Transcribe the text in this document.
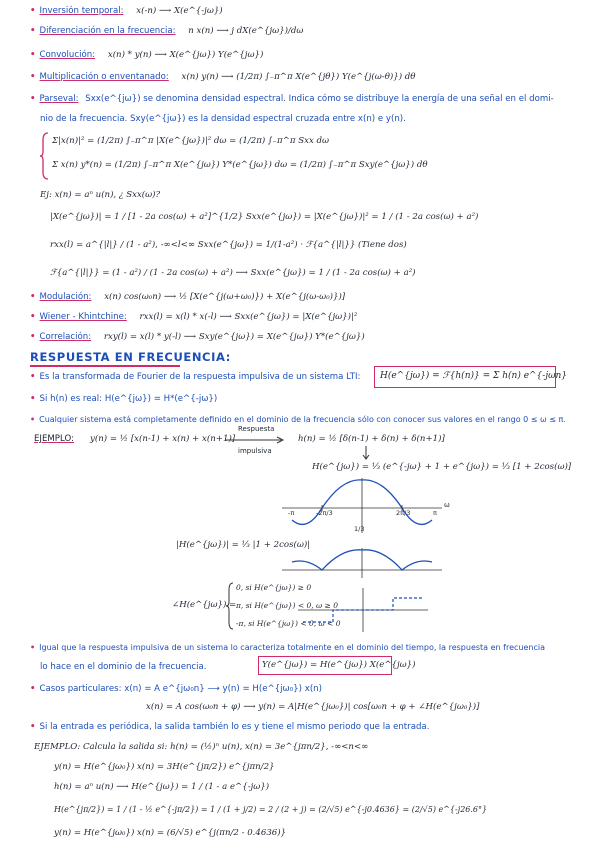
• Inversión temporal: x(-n) ⟶ X(e^{-jω})
• Diferenciación en la frecuencia: n x(n) ⟶ j dX(e^{jω})/dω
• Convolución: x(n) * y(n) ⟶ X(e^{jω}) Y(e^{jω})
• Multiplicación o enventanado: x(n) y(n) ⟶ (1/2π) ∫₋π^π X(e^{jθ}) Y(e^{j(ω-θ)}) dθ
• Parseval: Sxx(e^{jω}) se denomina densidad espectral. Indica cómo se distribuye la energía de una señal en el domi-
nio de la frecuencia. Sxy(e^{jω}) es la densidad espectral cruzada entre x(n) e y(n).
Σ|x(n)|² = (1/2π) ∫₋π^π |X(e^{jω})|² dω = (1/2π) ∫₋π^π Sxx dω
Σ x(n) y*(n) = (1/2π) ∫₋π^π X(e^{jω}) Y*(e^{jω}) dω = (1/2π) ∫₋π^π Sxy(e^{jω}) dθ
Ej: x(n) = aⁿ u(n), ¿ Sxx(ω)?
|X(e^{jω})| = 1 / [1 - 2a cos(ω) + a²]^{1/2} Sxx(e^{jω}) = |X(e^{jω})|² = 1 / (1 - 2a cos(ω) + a²)
rxx(l) = a^{|l|} / (1 - a²), -∞<l<∞ Sxx(e^{jω}) = 1/(1-a²) · ℱ{a^{|l|}} (Tiene dos)
ℱ{a^{|l|}} = (1 - a²) / (1 - 2a cos(ω) + a²) ⟶ Sxx(e^{jω}) = 1 / (1 - 2a cos(ω) + a²)
• Modulación: x(n) cos(ω₀n) ⟶ ½ [X(e^{j(ω+ω₀)}) + X(e^{j(ω-ω₀)})]
• Wiener - Khintchine: rxx(l) = x(l) * x(-l) ⟶ Sxx(e^{jω}) = |X(e^{jω})|²
• Correlación: rxy(l) = x(l) * y(-l) ⟶ Sxy(e^{jω}) = X(e^{jω}) Y*(e^{jω})
RESPUESTA EN FRECUENCIA:
• Es la transformada de Fourier de la respuesta impulsiva de un sistema LTI:	H(e^{jω}) = ℱ{h(n)} = Σ h(n) e^{-jωn}
• Si h(n) es real: H(e^{jω}) = H*(e^{-jω})
• Cualquier sistema está completamente definido en el dominio de la frecuencia sólo con conocer sus valores en el rango 0 ≤ ω ≤ π.
EJEMPLO: y(n) = ½ [x(n-1) + x(n) + x(n+1)]
Respuesta
impulsiva
h(n) = ½ [δ(n-1) + δ(n) + δ(n+1)]
H(e^{jω}) = ⅓ (e^{-jω} + 1 + e^{jω}) = ⅓ [1 + 2cos(ω)]
-π	-2π/3	2π/3	π
ω
1/3
|H(e^{jω})| = ⅓ |1 + 2cos(ω)|
∠H(e^{jω}) =
0, si H(e^{jω}) ≥ 0
π, si H(e^{jω}) < 0, ω ≥ 0
-π, si H(e^{jω}) < 0, ω < 0
• Igual que la respuesta impulsiva de un sistema lo caracteriza totalmente en el dominio del tiempo, la respuesta en frecuencia
lo hace en el dominio de la frecuencia.	Y(e^{jω}) = H(e^{jω}) X(e^{jω})
• Casos particulares: x(n) = A e^{jω₀n} ⟶ y(n) = H(e^{jω₀}) x(n)
x(n) = A cos(ω₀n + φ) ⟶ y(n) = A|H(e^{jω₀})| cos[ω₀n + φ + ∠H(e^{jω₀})]
• Si la entrada es periódica, la salida también lo es y tiene el mismo periodo que la entrada.
EJEMPLO: Calcula la salida si: h(n) = (½)ⁿ u(n), x(n) = 3e^{jπn/2}, -∞<n<∞
y(n) = H(e^{jω₀}) x(n) = 3H(e^{jπ/2}) e^{jπn/2}
h(n) = aⁿ u(n) ⟶ H(e^{jω}) = 1 / (1 - a e^{-jω})
H(e^{jπ/2}) = 1 / (1 - ½ e^{-jπ/2}) = 1 / (1 + j/2) = 2 / (2 + j) = (2/√5) e^{-j0.4636} = (2/√5) e^{-j26.6°}
y(n) = H(e^{jω₀}) x(n) = (6/√5) e^{j(πn/2 - 0.4636)}
